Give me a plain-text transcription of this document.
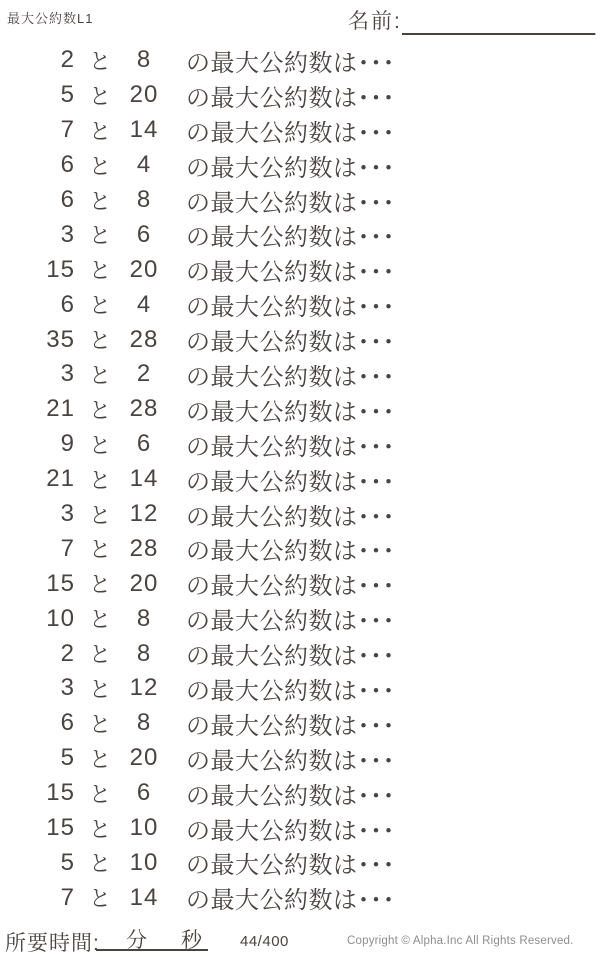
最大公約数L1	名前:	.
2 と	8	の最大公約数は･･･
5 と 20	の最大公約数は･･･
7 と 14	の最大公約数は･･･
6 と	4	の最大公約数は･･･
6 と	8	の最大公約数は･･･
3 と	6	の最大公約数は･･･
15 と 20	の最大公約数は･･･
6 と	4	の最大公約数は･･･
35 と 28	の最大公約数は･･･
3 と	2	の最大公約数は･･･
21 と 28	の最大公約数は･･･
9 と	6	の最大公約数は･･･
21 と 14	の最大公約数は･･･
3 と 12	の最大公約数は･･･
7 と 28	の最大公約数は･･･
15 と 20	の最大公約数は･･･
10 と	8	の最大公約数は･･･
2 と	8	の最大公約数は･･･
3 と 12	の最大公約数は･･･
6 と	8	の最大公約数は･･･
5 と 20	の最大公約数は･･･
15 と	6	の最大公約数は･･･
15 と 10	の最大公約数は･･･
5 と 10	の最大公約数は･･･
7 と 14	の最大公約数は･･･
所要時間: 分 秒	44/400	Copyright © Alpha.Inc All Rights Reserved.
